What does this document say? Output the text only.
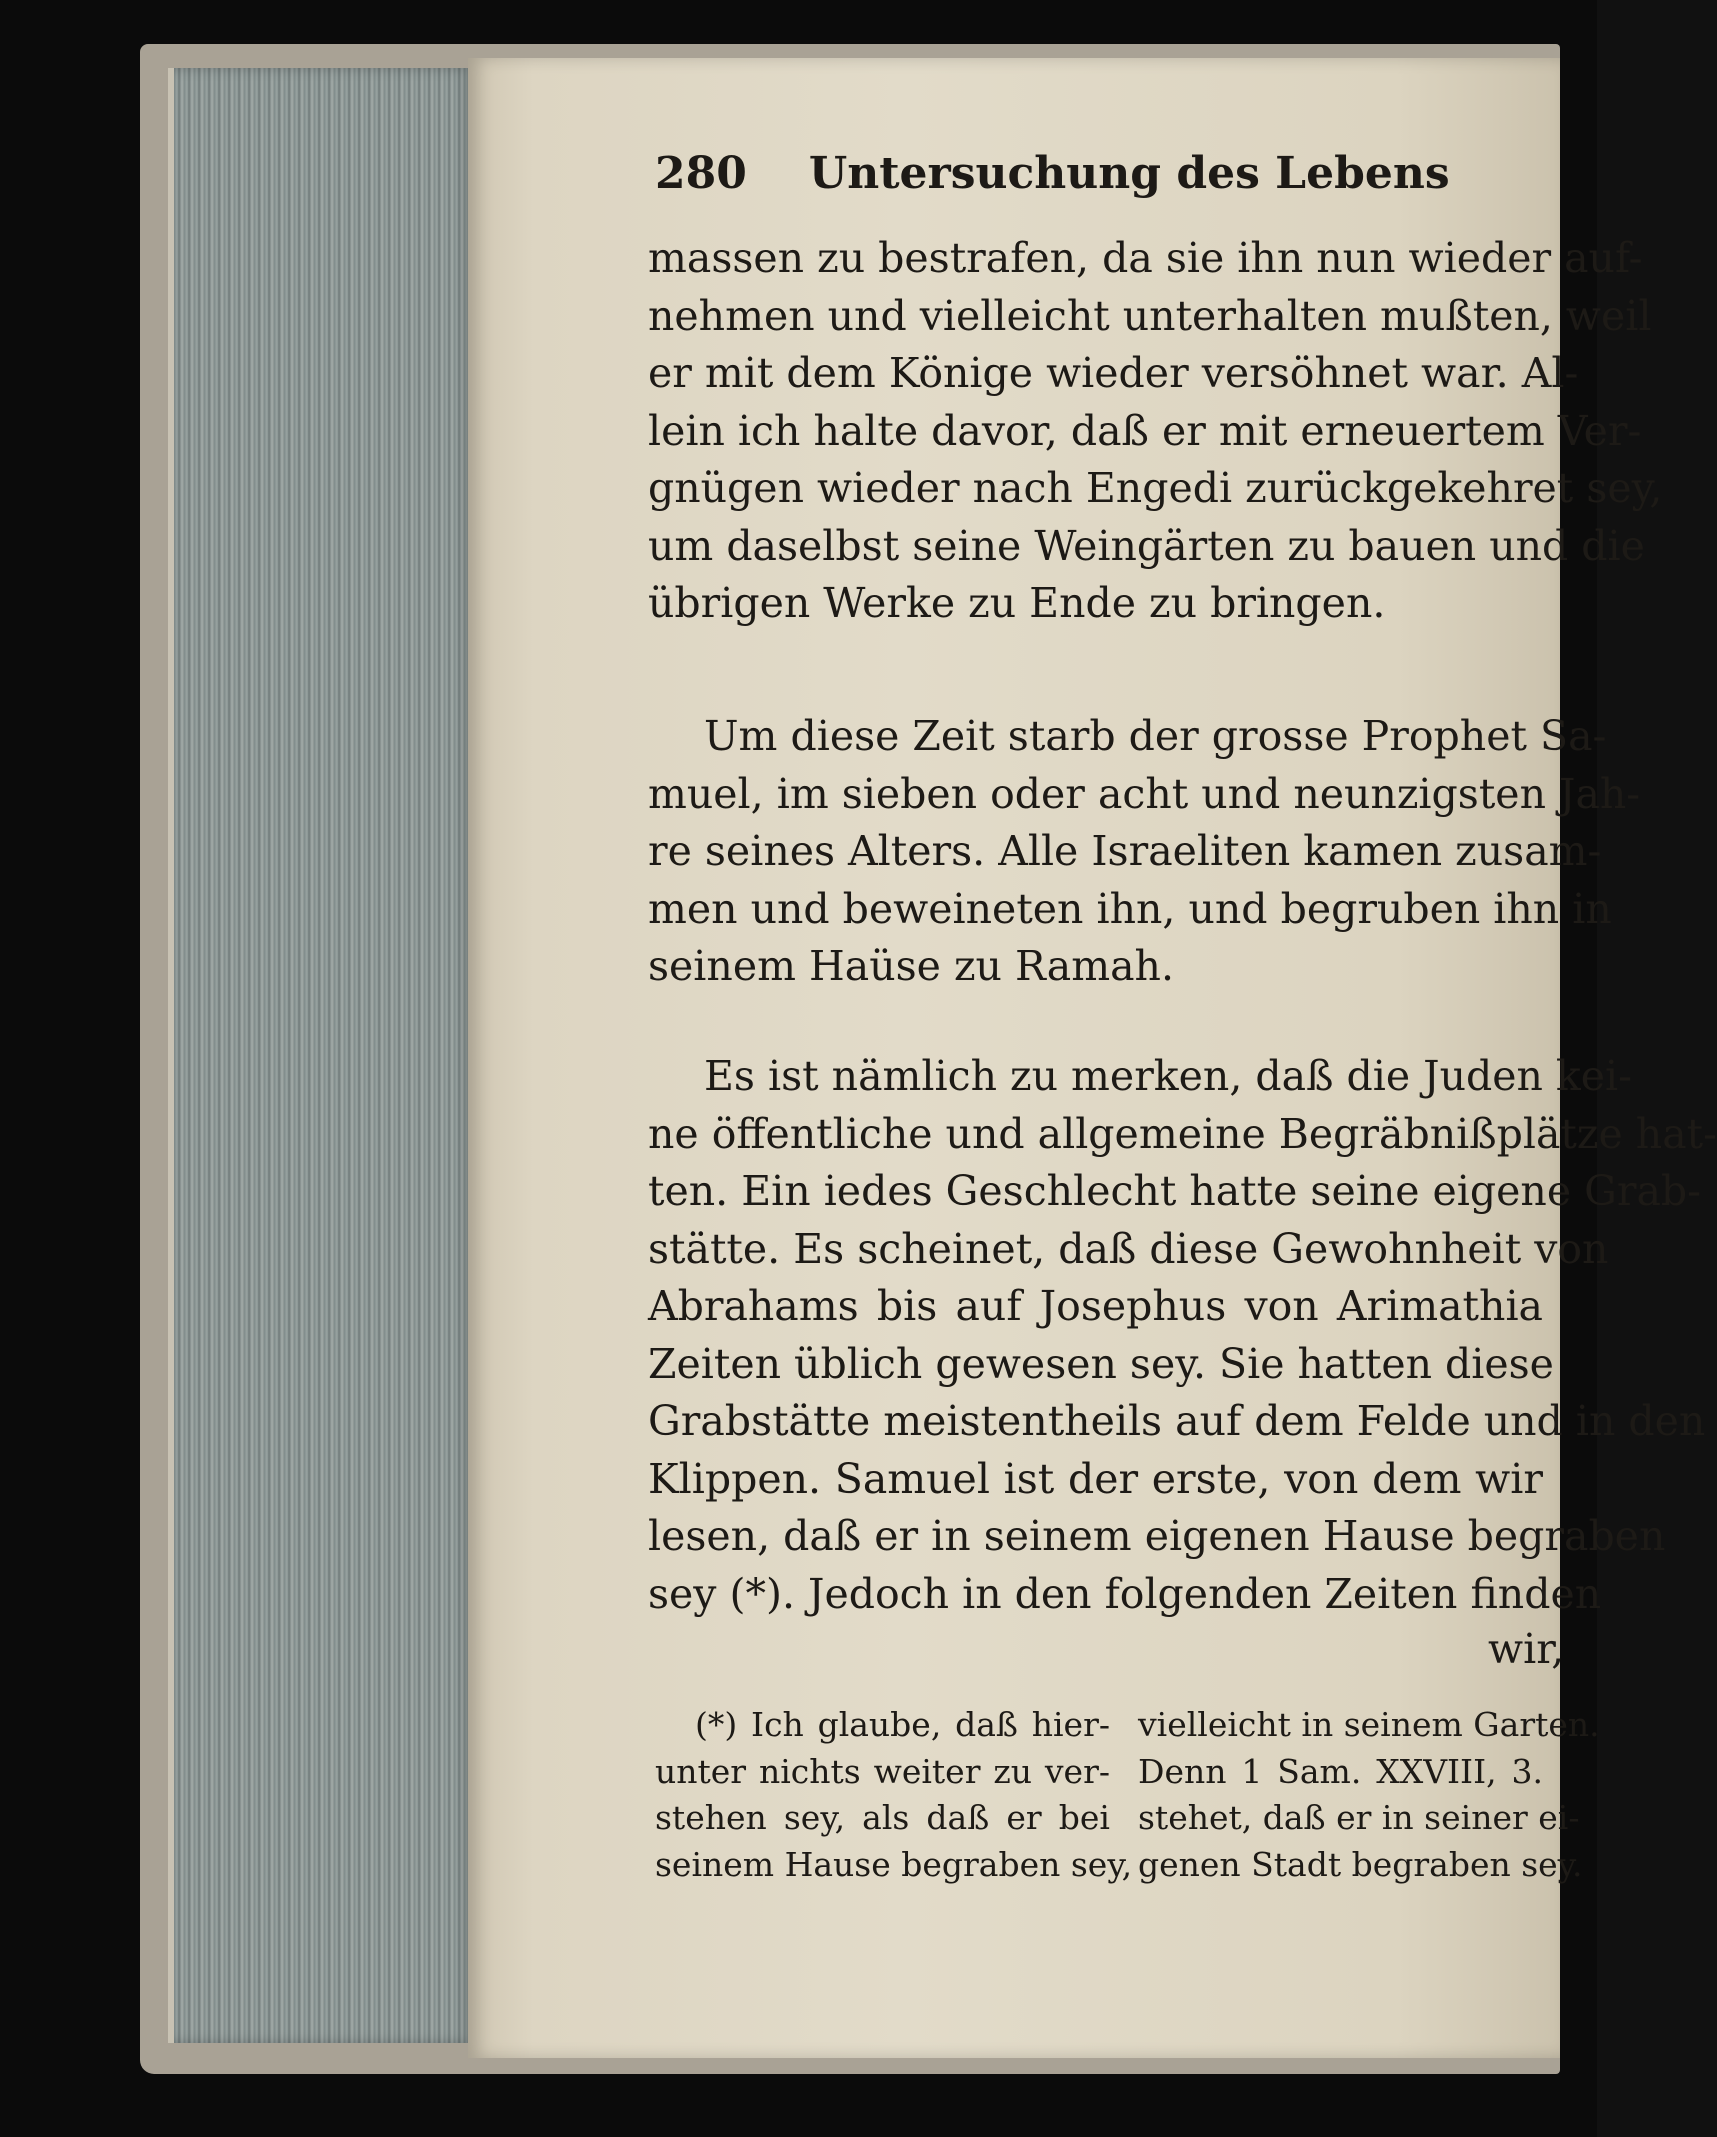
280 Untersuchung des Lebens
massen zu bestrafen, da sie ihn nun wieder auf-
nehmen und vielleicht unterhalten mußten, weil
er mit dem Könige wieder versöhnet war. Al-
lein ich halte davor, daß er mit erneuertem Ver-
gnügen wieder nach Engedi zurückgekehret sey,
um daselbst seine Weingärten zu bauen und die
übrigen Werke zu Ende zu bringen.
Um diese Zeit starb der grosse Prophet Sa-
muel, im sieben oder acht und neunzigsten Jah-
re seines Alters. Alle Israeliten kamen zusam-
men und beweineten ihn, und begruben ihn in
seinem Haüse zu Ramah.
Es ist nämlich zu merken, daß die Juden kei-
ne öffentliche und allgemeine Begräbnißplätze hat-
ten. Ein iedes Geschlecht hatte seine eigene Grab-
stätte. Es scheinet, daß diese Gewohnheit von
Abrahams bis auf Josephus von Arimathia
Zeiten üblich gewesen sey. Sie hatten diese
Grabstätte meistentheils auf dem Felde und in den
Klippen. Samuel ist der erste, von dem wir
lesen, daß er in seinem eigenen Hause begraben
sey (*). Jedoch in den folgenden Zeiten finden
wir,
(*) Ich glaube, daß hier-
unter nichts weiter zu ver-
stehen sey, als daß er bei
seinem Hause begraben sey,
vielleicht in seinem Garten.
Denn 1 Sam. XXVIII, 3.
stehet, daß er in seiner ei-
genen Stadt begraben sey.
